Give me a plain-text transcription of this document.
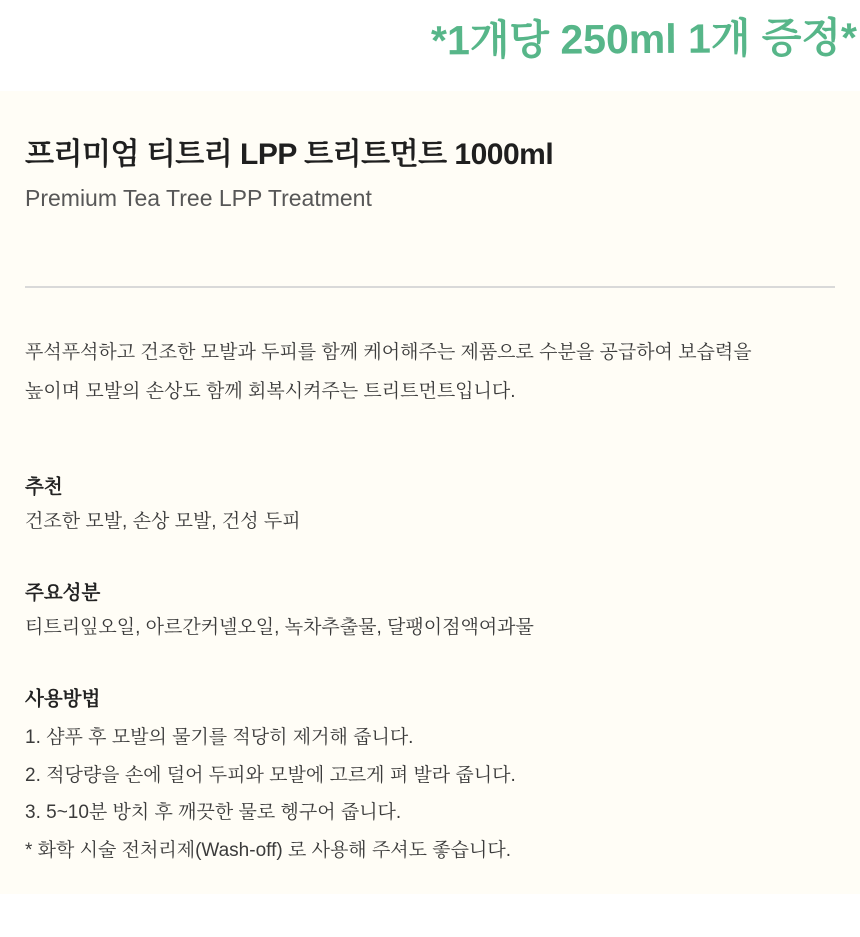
*1개당 250ml 1개 증정*
프리미엄 티트리 LPP 트리트먼트 1000ml
Premium Tea Tree LPP Treatment

푸석푸석하고 건조한 모발과 두피를 함께 케어해주는 제품으로 수분을 공급하여 보습력을
높이며 모발의 손상도 함께 회복시켜주는 트리트먼트입니다.

추천
건조한 모발, 손상 모발, 건성 두피
주요성분
티트리잎오일, 아르간커넬오일, 녹차추출물, 달팽이점액여과물
사용방법
1. 샴푸 후 모발의 물기를 적당히 제거해 줍니다.
2. 적당량을 손에 덜어 두피와 모발에 고르게 펴 발라 줍니다.
3. 5~10분 방치 후 깨끗한 물로 헹구어 줍니다.
* 화학 시술 전처리제(Wash-off) 로 사용해 주셔도 좋습니다.
